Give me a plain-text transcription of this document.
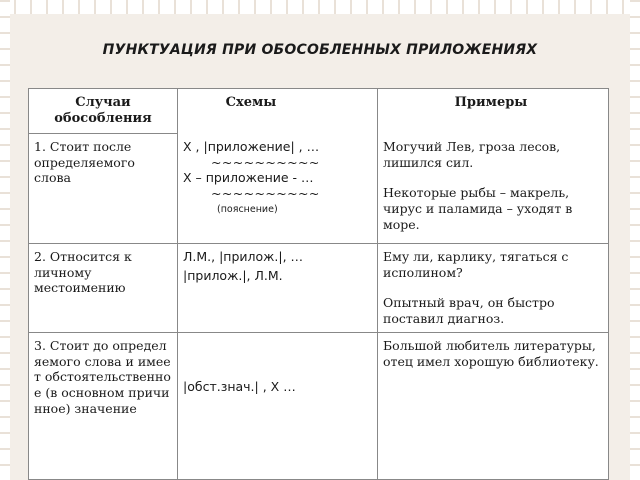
ПУНКТУАЦИЯ ПРИ ОБОСОБЛЕННЫХ ПРИЛОЖЕНИЯХ
Случаи обособления
Схемы	Примеры
1. Стоит после определяемого слова

Х , |приложение| , …

~~~~~~~~~~

Х – приложение - …

~~~~~~~~~~

(пояснение)

Могучий Лев, гроза лесов, лишился сил.

Некоторые рыбы – макрель, чирус и паламида – уходят в море.

2. Относится к личному местоимению

Л.М., |прилож.|, …

|прилож.|, Л.М.

Ему ли, карлику, тягаться с исполином?

Опытный врач, он быстро поставил диагноз.

3. Стоит до определяемого слова и имеет обстоятельственное (в основном причинное) значение
|обст.знач.| , Х …
Большой любитель литературы, отец имел хорошую библиотеку.
